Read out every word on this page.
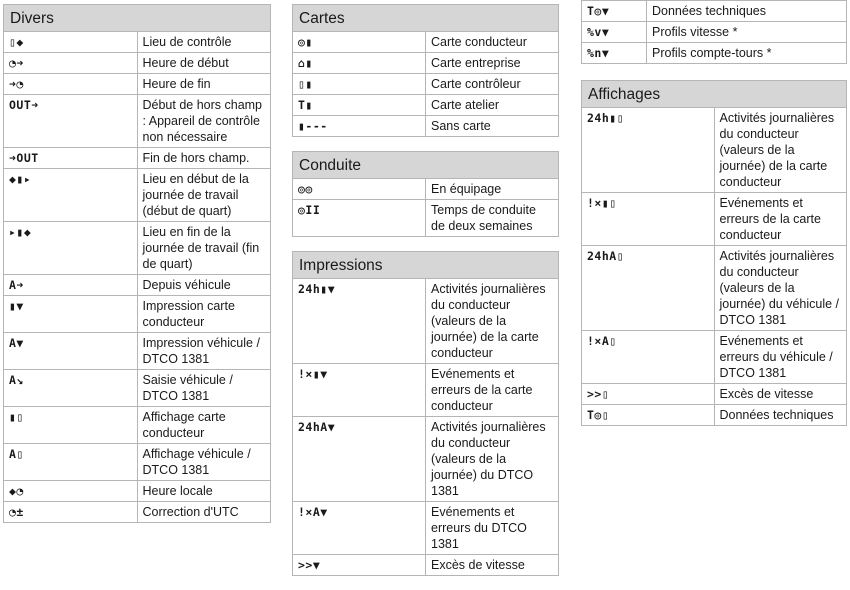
Divers	
▯◆	Lieu de contrôle
◔➜	Heure de début
➜◔	Heure de fin
OUT➜	Début de hors champ : Appareil de contrôle non nécessaire
➜OUT	Fin de hors champ.
◆▮▸	Lieu en début de la journée de travail (début de quart)
▸▮◆	Lieu en fin de la journée de travail (fin de quart)
A➜	Depuis véhicule
▮▼	Impression carte conducteur
A▼	Impression véhicule / DTCO 1381
A↘	Saisie véhicule / DTCO 1381
▮▯	Affichage carte conducteur
A▯	Affichage véhicule / DTCO 1381
◆◔	Heure locale
◔±	Correction d'UTC
Cartes	
◎▮	Carte conducteur
⌂▮	Carte entreprise
▯▮	Carte contrôleur
T▮	Carte atelier
▮---	Sans carte
Conduite	
◎◎	En équipage
◎II	Temps de conduite de deux semaines
Impressions	
24h▮▼	Activités journalières du conducteur (valeurs de la journée) de la carte conducteur
!×▮▼	Evénements et erreurs de la carte conducteur
24hA▼	Activités journalières du conducteur (valeurs de la journée) du DTCO 1381
!×A▼	Evénements et erreurs du DTCO 1381
>>▼	Excès de vitesse
T◎▼	Données techniques
%v▼	Profils vitesse *
%n▼	Profils compte-tours *
Affichages	
24h▮▯	Activités journalières du conducteur (valeurs de la journée) de la carte conducteur
!×▮▯	Evénements et erreurs de la carte conducteur
24hA▯	Activités journalières du conducteur (valeurs de la journée) du véhicule / DTCO 1381
!×A▯	Evénements et erreurs du véhicule / DTCO 1381
>>▯	Excès de vitesse
T◎▯	Données techniques
